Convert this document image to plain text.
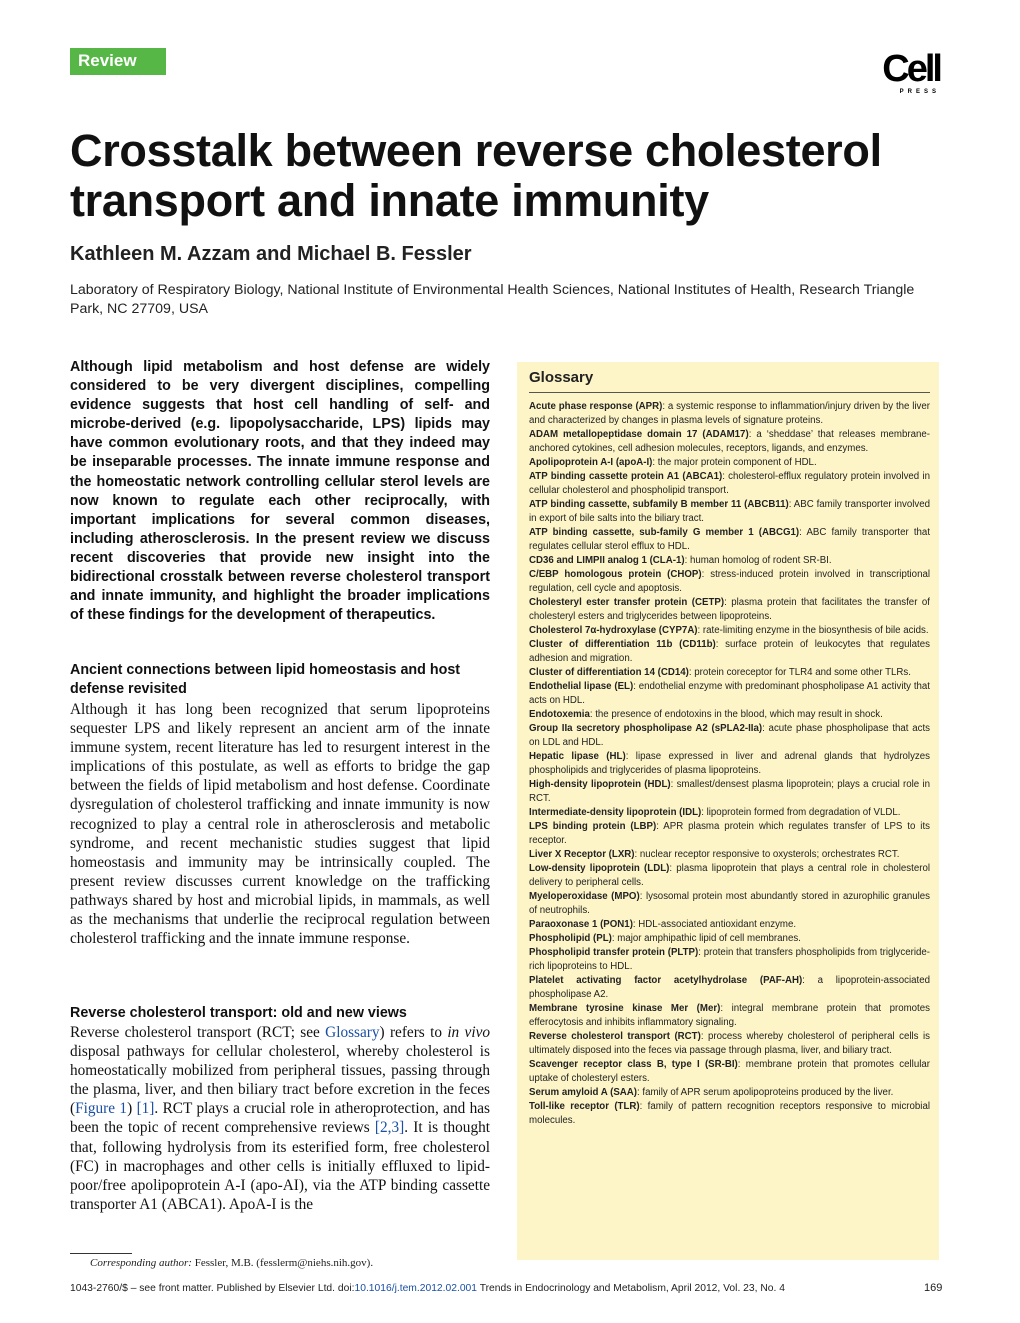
Review	Cell
PRESS
Crosstalk between reverse cholesterol transport and innate immunity
Kathleen M. Azzam and Michael B. Fessler
Laboratory of Respiratory Biology, National Institute of Environmental Health Sciences, National Institutes of Health, Research Triangle Park, NC 27709, USA

Although lipid metabolism and host defense are widely considered to be very divergent disciplines, compelling evidence suggests that host cell handling of self- and microbe-derived (e.g. lipopolysaccharide, LPS) lipids may have common evolutionary roots, and that they indeed may be inseparable processes. The innate immune response and the homeostatic network controlling cellular sterol levels are now known to regulate each other reciprocally, with important implications for several common diseases, including atherosclerosis. In the present review we discuss recent discoveries that provide new insight into the bidirectional crosstalk between reverse cholesterol transport and innate immunity, and highlight the broader implications of these findings for the development of therapeutics.

Ancient connections between lipid homeostasis and host defense revisited

Although it has long been recognized that serum lipoproteins sequester LPS and likely represent an ancient arm of the innate immune system, recent literature has led to resurgent interest in the implications of this postulate, as well as efforts to bridge the gap between the fields of lipid metabolism and host defense. Coordinate dysregulation of cholesterol trafficking and innate immunity is now recognized to play a central role in atherosclerosis and metabolic syndrome, and recent mechanistic studies suggest that lipid homeostasis and immunity may be intrinsically coupled. The present review discusses current knowledge on the trafficking pathways shared by host and microbial lipids, in mammals, as well as the mechanisms that underlie the reciprocal regulation between cholesterol trafficking and the innate immune response.

Reverse cholesterol transport: old and new views

Reverse cholesterol transport (RCT; see Glossary) refers to in vivo disposal pathways for cellular cholesterol, whereby cholesterol is homeostatically mobilized from peripheral tissues, passing through the plasma, liver, and then biliary tract before excretion in the feces (Figure 1) [1]. RCT plays a crucial role in atheroprotection, and has been the topic of recent comprehensive reviews [2,3]. It is thought that, following hydrolysis from its esterified form, free cholesterol (FC) in macrophages and other cells is initially effluxed to lipid-poor/free apolipoprotein A-I (apo-AI), via the ATP binding cassette transporter A1 (ABCA1). ApoA-I is the

Corresponding author: Fessler, M.B. (fesslerm@niehs.nih.gov).
Glossary

Acute phase response (APR): a systemic response to inflammation/injury driven by the liver and characterized by changes in plasma levels of signature proteins.

ADAM metallopeptidase domain 17 (ADAM17): a ‘sheddase’ that releases membrane-anchored cytokines, cell adhesion molecules, receptors, ligands, and enzymes.

Apolipoprotein A-I (apoA-I): the major protein component of HDL.

ATP binding cassette protein A1 (ABCA1): cholesterol-efflux regulatory protein involved in cellular cholesterol and phospholipid transport.

ATP binding cassette, subfamily B member 11 (ABCB11): ABC family transporter involved in export of bile salts into the biliary tract.

ATP binding cassette, sub-family G member 1 (ABCG1): ABC family transporter that regulates cellular sterol efflux to HDL.

CD36 and LIMPII analog 1 (CLA-1): human homolog of rodent SR-BI.

C/EBP homologous protein (CHOP): stress-induced protein involved in transcriptional regulation, cell cycle and apoptosis.

Cholesteryl ester transfer protein (CETP): plasma protein that facilitates the transfer of cholesteryl esters and triglycerides between lipoproteins.

Cholesterol 7α-hydroxylase (CYP7A): rate-limiting enzyme in the biosynthesis of bile acids.

Cluster of differentiation 11b (CD11b): surface protein of leukocytes that regulates adhesion and migration.

Cluster of differentiation 14 (CD14): protein coreceptor for TLR4 and some other TLRs.

Endothelial lipase (EL): endothelial enzyme with predominant phospholipase A1 activity that acts on HDL.

Endotoxemia: the presence of endotoxins in the blood, which may result in shock.

Group IIa secretory phospholipase A2 (sPLA2-IIa): acute phase phospholipase that acts on LDL and HDL.

Hepatic lipase (HL): lipase expressed in liver and adrenal glands that hydrolyzes phospholipids and triglycerides of plasma lipoproteins.

High-density lipoprotein (HDL): smallest/densest plasma lipoprotein; plays a crucial role in RCT.

Intermediate-density lipoprotein (IDL): lipoprotein formed from degradation of VLDL.

LPS binding protein (LBP): APR plasma protein which regulates transfer of LPS to its receptor.

Liver X Receptor (LXR): nuclear receptor responsive to oxysterols; orchestrates RCT.

Low-density lipoprotein (LDL): plasma lipoprotein that plays a central role in cholesterol delivery to peripheral cells.

Myeloperoxidase (MPO): lysosomal protein most abundantly stored in azurophilic granules of neutrophils.

Paraoxonase 1 (PON1): HDL-associated antioxidant enzyme.

Phospholipid (PL): major amphipathic lipid of cell membranes.

Phospholipid transfer protein (PLTP): protein that transfers phospholipids from triglyceride-rich lipoproteins to HDL.

Platelet activating factor acetylhydrolase (PAF-AH): a lipoprotein-associated phospholipase A2.

Membrane tyrosine kinase Mer (Mer): integral membrane protein that promotes efferocytosis and inhibits inflammatory signaling.

Reverse cholesterol transport (RCT): process whereby cholesterol of peripheral cells is ultimately disposed into the feces via passage through plasma, liver, and biliary tract.

Scavenger receptor class B, type I (SR-BI): membrane protein that promotes cellular uptake of cholesteryl esters.

Serum amyloid A (SAA): family of APR serum apolipoproteins produced by the liver.

Toll-like receptor (TLR): family of pattern recognition receptors responsive to microbial molecules.

1043-2760/$ – see front matter. Published by Elsevier Ltd. doi:10.1016/j.tem.2012.02.001 Trends in Endocrinology and Metabolism, April 2012, Vol. 23, No. 4	169
